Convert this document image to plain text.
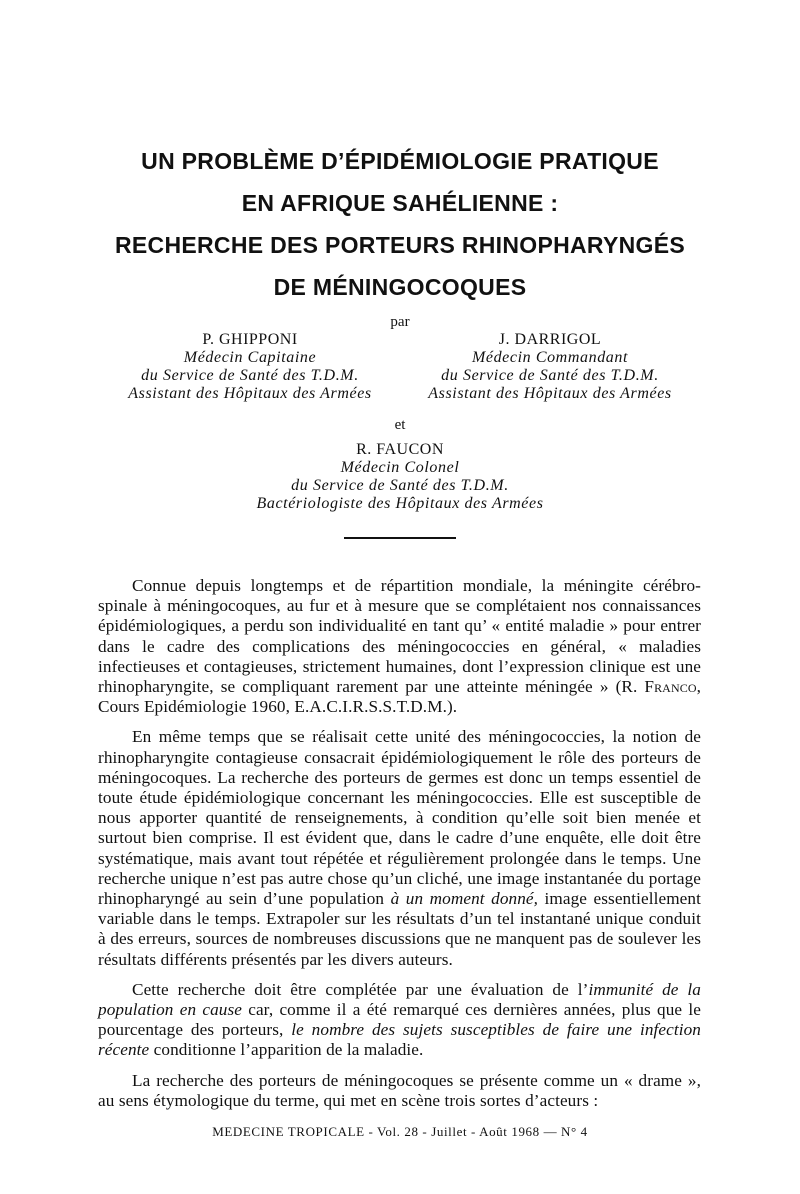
UN PROBLÈME D’ÉPIDÉMIOLOGIE PRATIQUE
EN AFRIQUE SAHÉLIENNE :
RECHERCHE DES PORTEURS RHINOPHARYNGÉS
DE MÉNINGOCOQUES
par
P. GHIPPONI
Médecin Capitaine
du Service de Santé des T.D.M.
Assistant des Hôpitaux des Armées
J. DARRIGOL
Médecin Commandant
du Service de Santé des T.D.M.
Assistant des Hôpitaux des Armées
et
R. FAUCON
Médecin Colonel
du Service de Santé des T.D.M.
Bactériologiste des Hôpitaux des Armées

Connue depuis longtemps et de répartition mondiale, la méningite cérébro-spinale à méningocoques, au fur et à mesure que se complétaient nos connaissances épidémiologiques, a perdu son individualité en tant qu’ « entité maladie » pour entrer dans le cadre des complications des méningococcies en général, « maladies infectieuses et contagieuses, strictement humaines, dont l’expression clinique est une rhinopharyngite, se compliquant rarement par une atteinte méningée » (R. Franco, Cours Epidémiologie 1960, E.A.C.I.R.S.S.T.D.M.).

En même temps que se réalisait cette unité des méningococcies, la notion de rhinopharyngite contagieuse consacrait épidémiologiquement le rôle des porteurs de méningocoques. La recherche des porteurs de germes est donc un temps essentiel de toute étude épidémiologique concernant les méningococcies. Elle est susceptible de nous apporter quantité de renseignements, à condition qu’elle soit bien menée et surtout bien comprise. Il est évident que, dans le cadre d’une enquête, elle doit être systématique, mais avant tout répétée et régulièrement prolongée dans le temps. Une recherche unique n’est pas autre chose qu’un cliché, une image instantanée du portage rhinopharyngé au sein d’une population à un moment donné, image essentiellement variable dans le temps. Extrapoler sur les résultats d’un tel instantané unique conduit à des erreurs, sources de nombreuses discussions que ne manquent pas de soulever les résultats différents présentés par les divers auteurs.

Cette recherche doit être complétée par une évaluation de l’immunité de la population en cause car, comme il a été remarqué ces dernières années, plus que le pourcentage des porteurs, le nombre des sujets susceptibles de faire une infection récente conditionne l’apparition de la maladie.

La recherche des porteurs de méningocoques se présente comme un « drame », au sens étymologique du terme, qui met en scène trois sortes d’acteurs :

MEDECINE TROPICALE - Vol. 28 - Juillet - Août 1968 — N° 4
